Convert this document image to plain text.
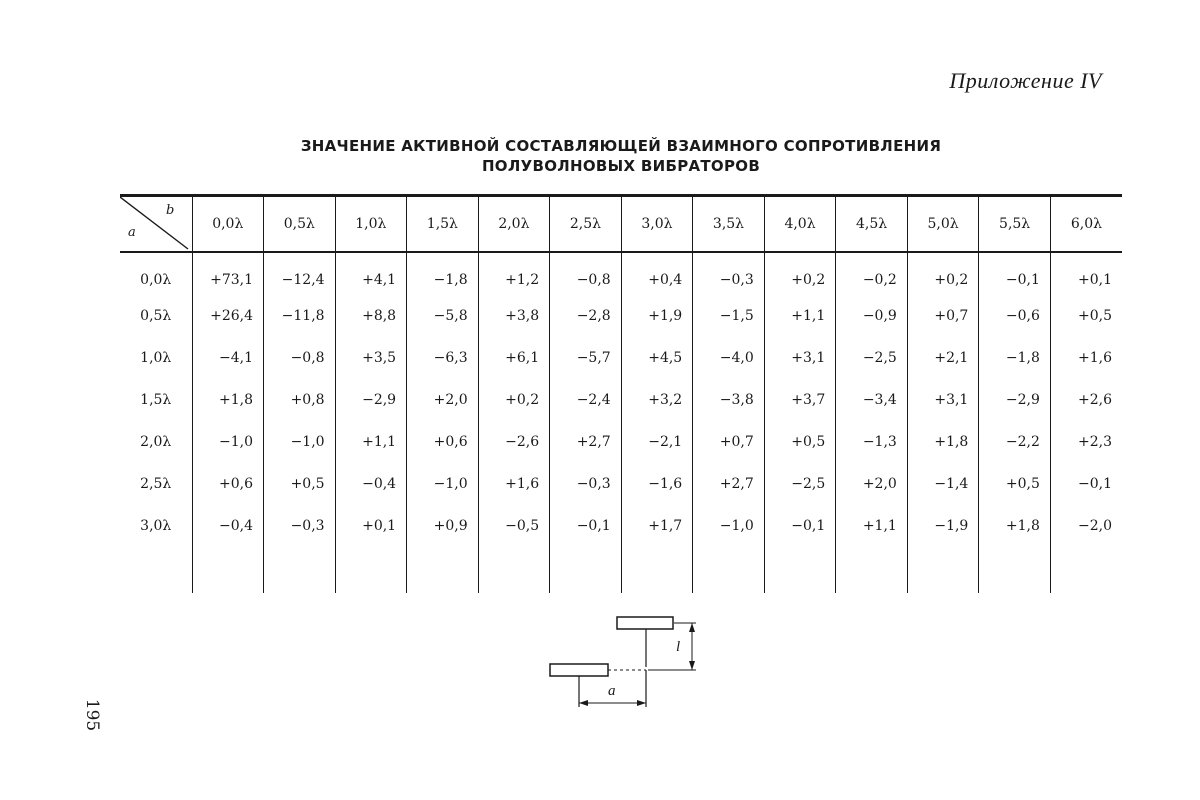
Приложение IV
ЗНАЧЕНИЕ АКТИВНОЙ СОСТАВЛЯЮЩЕЙ ВЗАИМНОГО СОПРОТИВЛЕНИЯ
ПОЛУВОЛНОВЫХ ВИБРАТОРОВ
b
a	0,0λ	0,5λ	1,0λ	1,5λ	2,0λ	2,5λ	3,0λ	3,5λ	4,0λ	4,5λ	5,0λ	5,5λ	6,0λ
0,0λ	+73,1	−12,4	+4,1	−1,8	+1,2	−0,8	+0,4	−0,3	+0,2	−0,2	+0,2	−0,1	+0,1
0,5λ	+26,4	−11,8	+8,8	−5,8	+3,8	−2,8	+1,9	−1,5	+1,1	−0,9	+0,7	−0,6	+0,5
1,0λ	−4,1	−0,8	+3,5	−6,3	+6,1	−5,7	+4,5	−4,0	+3,1	−2,5	+2,1	−1,8	+1,6
1,5λ	+1,8	+0,8	−2,9	+2,0	+0,2	−2,4	+3,2	−3,8	+3,7	−3,4	+3,1	−2,9	+2,6
2,0λ	−1,0	−1,0	+1,1	+0,6	−2,6	+2,7	−2,1	+0,7	+0,5	−1,3	+1,8	−2,2	+2,3
2,5λ	+0,6	+0,5	−0,4	−1,0	+1,6	−0,3	−1,6	+2,7	−2,5	+2,0	−1,4	+0,5	−0,1
3,0λ	−0,4	−0,3	+0,1	+0,9	−0,5	−0,1	+1,7	−1,0	−0,1	+1,1	−1,9	+1,8	−2,0

l
a
195
